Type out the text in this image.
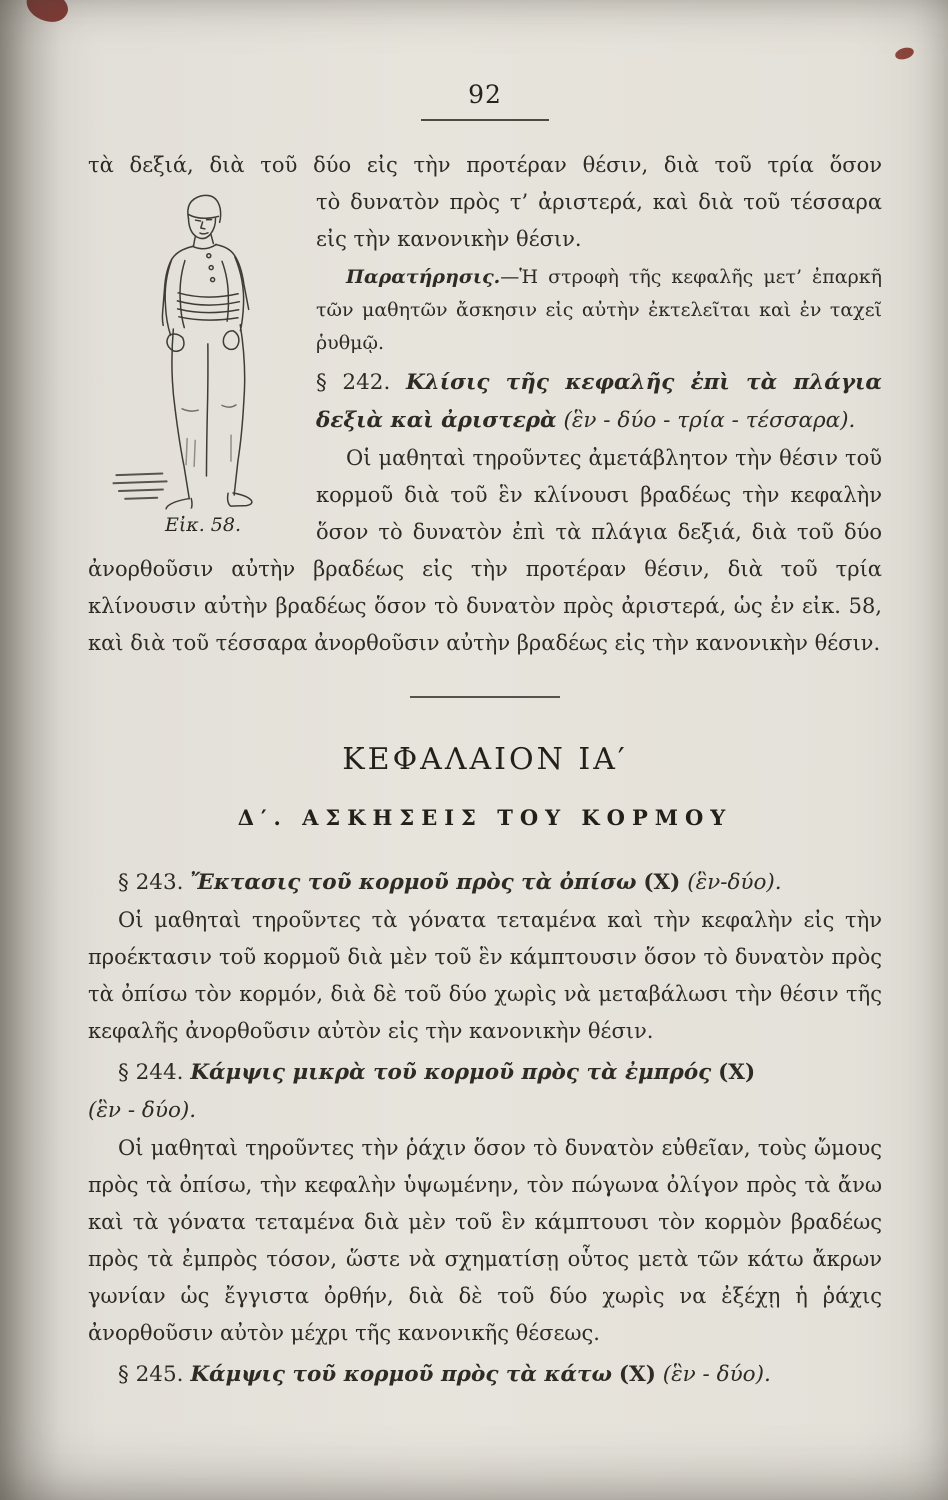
92

τὰ δεξιά, διὰ τοῦ δύο εἰς τὴν προτέραν θέσιν, διὰ τοῦ τρία ὅσον

Εἰκ. 58.

τὸ δυνατὸν πρὸς τ’ ἀριστερά, καὶ διὰ τοῦ τέσσαρα εἰς τὴν κανονικὴν θέσιν.

Παρατήρησις.—Ἡ στροφὴ τῆς κεφαλῆς μετ’ ἐπαρκῆ τῶν μαθητῶν ἄσκησιν εἰς αὐτὴν ἐκτελεῖται καὶ ἐν ταχεῖ ῥυθμῷ.

§ 242. Κλίσις τῆς κεφαλῆς ἐπὶ τὰ πλάγια δεξιὰ καὶ ἀριστερὰ (ἓν - δύο - τρία - τέσσαρα).

Οἱ μαθηταὶ τηροῦντες ἀμετάβλητον τὴν θέσιν τοῦ κορμοῦ διὰ τοῦ ἓν κλίνουσι βραδέως τὴν κεφαλὴν ὅσον τὸ δυνατὸν ἐπὶ τὰ πλάγια δεξιά, διὰ τοῦ δύο ἀνορθοῦσιν αὐτὴν βραδέως εἰς τὴν προτέραν θέσιν, διὰ τοῦ τρία κλίνουσιν αὐτὴν βραδέως ὅσον τὸ δυνατὸν πρὸς ἀριστερά, ὡς ἐν εἰκ. 58, καὶ διὰ τοῦ τέσσαρα ἀνορθοῦσιν αὐτὴν βραδέως εἰς τὴν κανονικὴν θέσιν.

ΚΕΦΑΛΑΙΟΝ ΙΑ′
Δ′. ΑΣΚΗΣΕΙΣ ΤΟΥ ΚΟΡΜΟΥ

§ 243. Ἔκτασις τοῦ κορμοῦ πρὸς τὰ ὀπίσω (Χ) (ἓν-δύο).

Οἱ μαθηταὶ τηροῦντες τὰ γόνατα τεταμένα καὶ τὴν κεφαλὴν εἰς τὴν προέκτασιν τοῦ κορμοῦ διὰ μὲν τοῦ ἓν κάμπτουσιν ὅσον τὸ δυνατὸν πρὸς τὰ ὀπίσω τὸν κορμόν, διὰ δὲ τοῦ δύο χωρὶς νὰ μεταβάλωσι τὴν θέσιν τῆς κεφαλῆς ἀνορθοῦσιν αὐτὸν εἰς τὴν κανονικὴν θέσιν.

§ 244. Κάμψις μικρὰ τοῦ κορμοῦ πρὸς τὰ ἐμπρός (Χ)

(ἓν - δύο).

Οἱ μαθηταὶ τηροῦντες τὴν ῥάχιν ὅσον τὸ δυνατὸν εὐθεῖαν, τοὺς ὤμους πρὸς τὰ ὀπίσω, τὴν κεφαλὴν ὑψωμένην, τὸν πώγωνα ὀλίγον πρὸς τὰ ἄνω καὶ τὰ γόνατα τεταμένα διὰ μὲν τοῦ ἓν κάμπτουσι τὸν κορμὸν βραδέως πρὸς τὰ ἐμπρὸς τόσον, ὥστε νὰ σχηματίσῃ οὗτος μετὰ τῶν κάτω ἄκρων γωνίαν ὡς ἔγγιστα ὀρθήν, διὰ δὲ τοῦ δύο χωρὶς να ἐξέχῃ ἡ ῥάχις ἀνορθοῦσιν αὐτὸν μέχρι τῆς κανονικῆς θέσεως.

§ 245. Κάμψις τοῦ κορμοῦ πρὸς τὰ κάτω (Χ) (ἓν - δύο).
